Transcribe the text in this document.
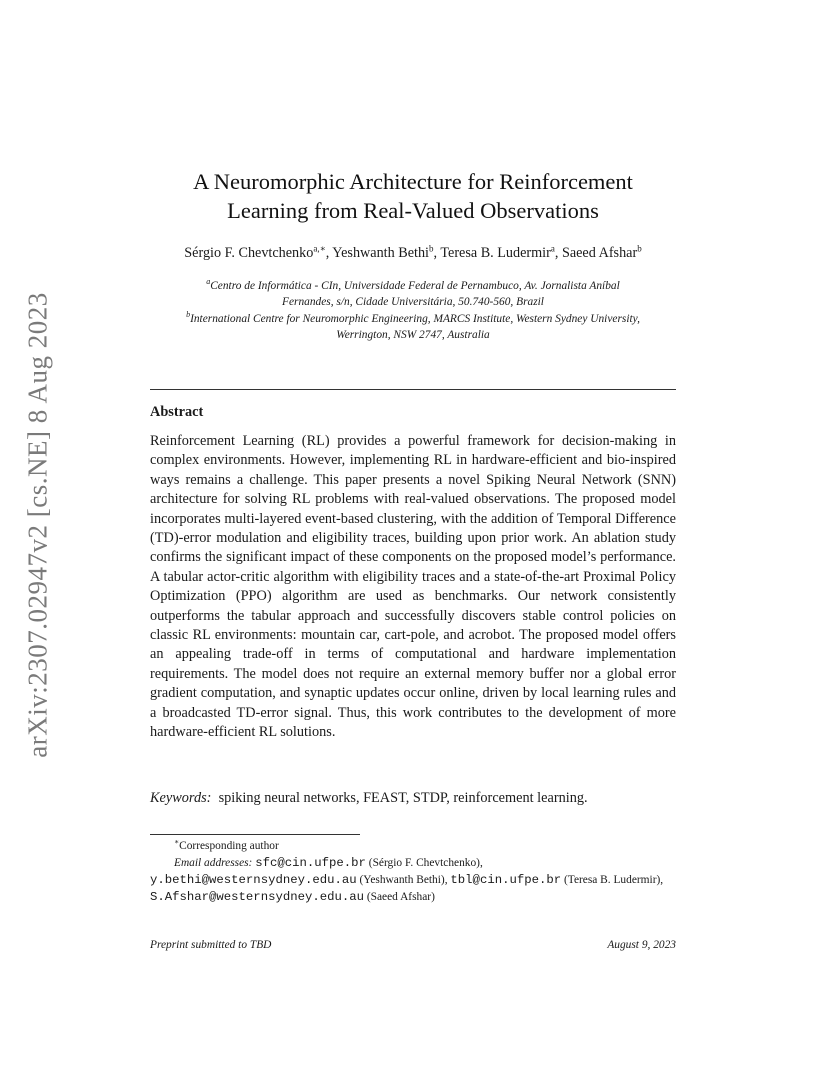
arXiv:2307.02947v2 [cs.NE] 8 Aug 2023
A Neuromorphic Architecture for Reinforcement
Learning from Real-Valued Observations
Sérgio F. Chevtchenko$^{a,∗}$, Yeshwanth Bethi$^b$, Teresa B. Ludermir$^a$, Saeed Afshar$^b$
$^a$Centro de Informática - CIn, Universidade Federal de Pernambuco, Av. Jornalista Aníbal
Fernandes, s/n, Cidade Universitária, 50.740-560, Brazil
$^b$International Centre for Neuromorphic Engineering, MARCS Institute, Western Sydney University,
Werrington, NSW 2747, Australia
Abstract
Reinforcement Learning (RL) provides a powerful framework for decision-making in complex environments. However, implementing RL in hardware-efficient and bio-inspired ways remains a challenge. This paper presents a novel Spiking Neural Network (SNN) architecture for solving RL problems with real-valued observations. The proposed model incorporates multi-layered event-based clustering, with the addition of Temporal Difference (TD)-error modulation and eligibility traces, building upon prior work. An ablation study confirms the significant impact of these components on the proposed model’s performance. A tabular actor-critic algorithm with eligibility traces and a state-of-the-art Proximal Policy Optimization (PPO) algorithm are used as benchmarks. Our network consistently outperforms the tabular approach and successfully discovers stable control policies on classic RL environments: mountain car, cart-pole, and acrobot. The proposed model offers an appealing trade-off in terms of computational and hardware implementation requirements. The model does not require an external memory buffer nor a global error gradient computation, and synaptic updates occur online, driven by local learning rules and a broadcasted TD-error signal. Thus, this work contributes to the development of more hardware-efficient RL solutions.
Keywords: spiking neural networks, FEAST, STDP, reinforcement learning.
∗Corresponding author
Email addresses: sfc@cin.ufpe.br (Sérgio F. Chevtchenko),
y.bethi@westernsydney.edu.au (Yeshwanth Bethi), tbl@cin.ufpe.br (Teresa B. Ludermir), S.Afshar@westernsydney.edu.au (Saeed Afshar)
Preprint submitted to TBD	August 9, 2023
